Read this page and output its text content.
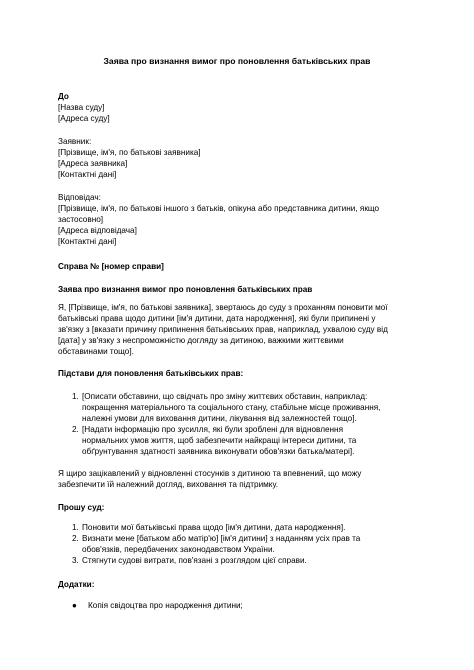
Заява про визнання вимог про поновлення батьківських прав
До
[Назва суду]
[Адреса суду]
Заявник:
[Прізвище, ім'я, по батькові заявника]
[Адреса заявника]
[Контактні дані]
Відповідач:
[Прізвище, ім'я, по батькові іншого з батьків, опікуна або представника дитини, якщо
застосовно]
[Адреса відповідача]
[Контактні дані]
Справа № [номер справи]
Заява про визнання вимог про поновлення батьківських прав
Я, [Прізвище, ім'я, по батькові заявника], звертаюсь до суду з проханням поновити мої
батьківські права щодо дитини [ім'я дитини, дата народження], які були припинені у
зв'язку з [вказати причину припинення батьківських прав, наприклад, ухвалою суду від
[дата] у зв'язку з неспроможністю догляду за дитиною, важкими життєвими
обставинами тощо].
Підстави для поновлення батьківських прав:
1. [Описати обставини, що свідчать про зміну життєвих обставин, наприклад:
покращення матеріального та соціального стану, стабільне місце проживання,
належні умови для виховання дитини, лікування від залежностей тощо].
2. [Надати інформацію про зусилля, які були зроблені для відновлення
нормальних умов життя, щоб забезпечити найкращі інтереси дитини, та
обґрунтування здатності заявника виконувати обов'язки батька/матері].
Я щиро зацікавлений у відновленні стосунків з дитиною та впевнений, що можу
забезпечити їй належний догляд, виховання та підтримку.
Прошу суд:
1. Поновити мої батьківські права щодо [ім'я дитини, дата народження].
2. Визнати мене [батьком або матір'ю] [ім'я дитини] з наданням усіх прав та
обов'язків, передбачених законодавством України.
3. Стягнути судові витрати, пов'язані з розглядом цієї справи.
Додатки:
● Копія свідоцтва про народження дитини;
